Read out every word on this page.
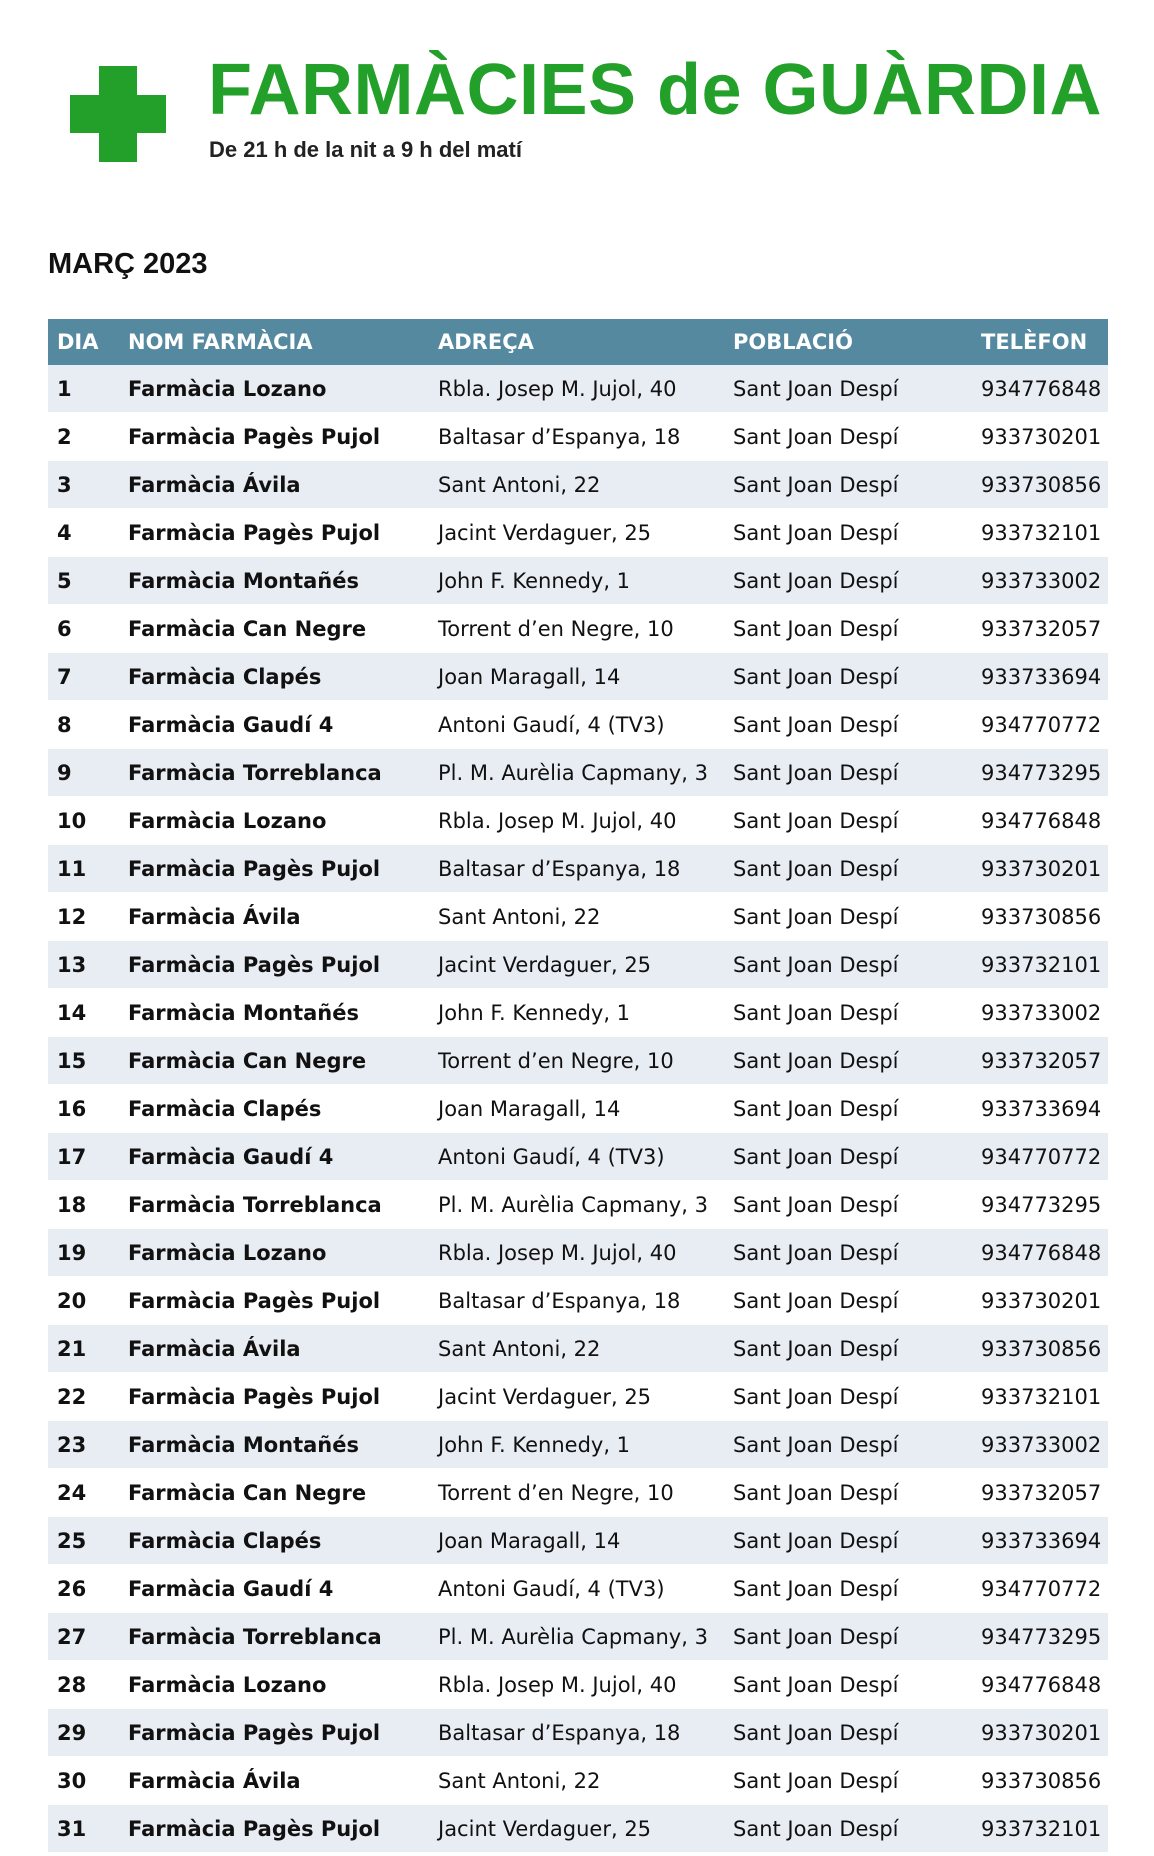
FARMÀCIES de GUÀRDIA
De 21 h de la nit a 9 h del matí
MARÇ 2023
DIA	NOM FARMÀCIA	ADREÇA	POBLACIÓ	TELÈFON
1	Farmàcia Lozano	Rbla. Josep M. Jujol, 40	Sant Joan Despí	934776848
2	Farmàcia Pagès Pujol	Baltasar d’Espanya, 18	Sant Joan Despí	933730201
3	Farmàcia Ávila	Sant Antoni, 22	Sant Joan Despí	933730856
4	Farmàcia Pagès Pujol	Jacint Verdaguer, 25	Sant Joan Despí	933732101
5	Farmàcia Montañés	John F. Kennedy, 1	Sant Joan Despí	933733002
6	Farmàcia Can Negre	Torrent d’en Negre, 10	Sant Joan Despí	933732057
7	Farmàcia Clapés	Joan Maragall, 14	Sant Joan Despí	933733694
8	Farmàcia Gaudí 4	Antoni Gaudí, 4 (TV3)	Sant Joan Despí	934770772
9	Farmàcia Torreblanca	Pl. M. Aurèlia Capmany, 3	Sant Joan Despí	934773295
10	Farmàcia Lozano	Rbla. Josep M. Jujol, 40	Sant Joan Despí	934776848
11	Farmàcia Pagès Pujol	Baltasar d’Espanya, 18	Sant Joan Despí	933730201
12	Farmàcia Ávila	Sant Antoni, 22	Sant Joan Despí	933730856
13	Farmàcia Pagès Pujol	Jacint Verdaguer, 25	Sant Joan Despí	933732101
14	Farmàcia Montañés	John F. Kennedy, 1	Sant Joan Despí	933733002
15	Farmàcia Can Negre	Torrent d’en Negre, 10	Sant Joan Despí	933732057
16	Farmàcia Clapés	Joan Maragall, 14	Sant Joan Despí	933733694
17	Farmàcia Gaudí 4	Antoni Gaudí, 4 (TV3)	Sant Joan Despí	934770772
18	Farmàcia Torreblanca	Pl. M. Aurèlia Capmany, 3	Sant Joan Despí	934773295
19	Farmàcia Lozano	Rbla. Josep M. Jujol, 40	Sant Joan Despí	934776848
20	Farmàcia Pagès Pujol	Baltasar d’Espanya, 18	Sant Joan Despí	933730201
21	Farmàcia Ávila	Sant Antoni, 22	Sant Joan Despí	933730856
22	Farmàcia Pagès Pujol	Jacint Verdaguer, 25	Sant Joan Despí	933732101
23	Farmàcia Montañés	John F. Kennedy, 1	Sant Joan Despí	933733002
24	Farmàcia Can Negre	Torrent d’en Negre, 10	Sant Joan Despí	933732057
25	Farmàcia Clapés	Joan Maragall, 14	Sant Joan Despí	933733694
26	Farmàcia Gaudí 4	Antoni Gaudí, 4 (TV3)	Sant Joan Despí	934770772
27	Farmàcia Torreblanca	Pl. M. Aurèlia Capmany, 3	Sant Joan Despí	934773295
28	Farmàcia Lozano	Rbla. Josep M. Jujol, 40	Sant Joan Despí	934776848
29	Farmàcia Pagès Pujol	Baltasar d’Espanya, 18	Sant Joan Despí	933730201
30	Farmàcia Ávila	Sant Antoni, 22	Sant Joan Despí	933730856
31	Farmàcia Pagès Pujol	Jacint Verdaguer, 25	Sant Joan Despí	933732101
